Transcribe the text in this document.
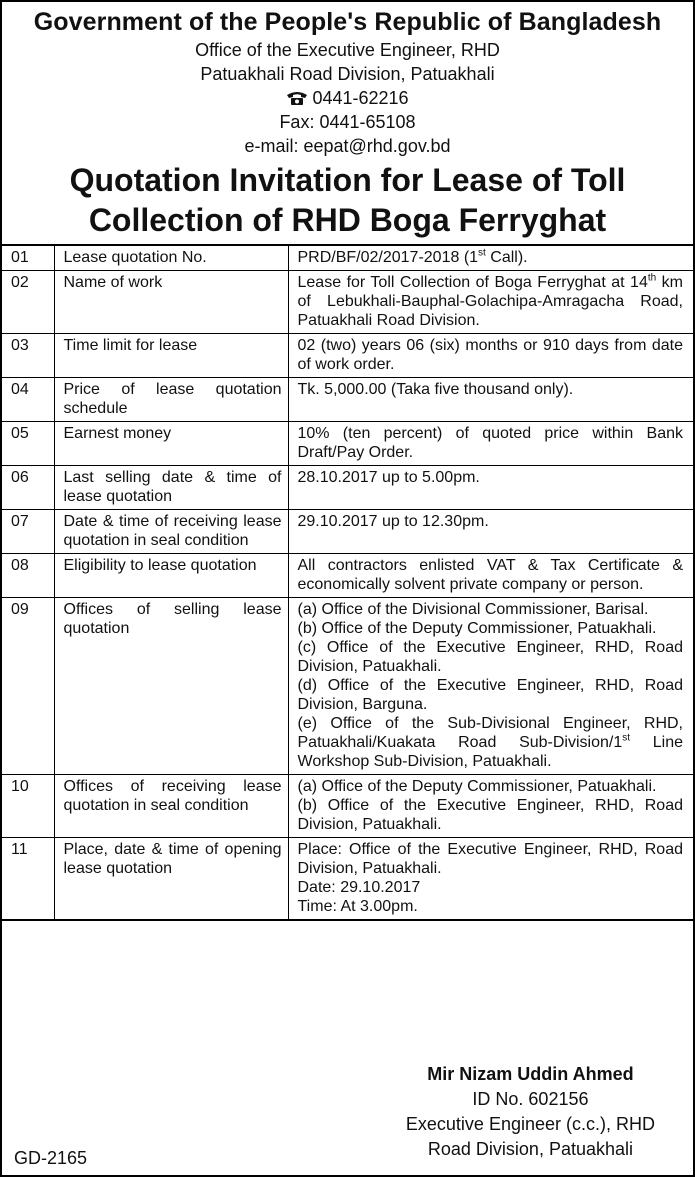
Government of the People's Republic of Bangladesh
Office of the Executive Engineer, RHD
Patuakhali Road Division, Patuakhali
0441-62216
Fax: 0441-65108
e-mail: eepat@rhd.gov.bd
Quotation Invitation for Lease of Toll
Collection of RHD Boga Ferryghat
01	Lease quotation No.	PRD/BF/02/2017-2018 (1st Call).
02	Name of work	Lease for Toll Collection of Boga Ferryghat at 14th km of Lebukhali-Bauphal-Golachipa-Amragacha Road, Patuakhali Road Division.
03	Time limit for lease	02 (two) years 06 (six) months or 910 days from date of work order.
04	Price of lease quotation schedule	Tk. 5,000.00 (Taka five thousand only).
05	Earnest money	10% (ten percent) of quoted price within Bank Draft/Pay Order.
06	Last selling date & time of lease quotation	28.10.2017 up to 5.00pm.
07	Date & time of receiving lease quotation in seal condition	29.10.2017 up to 12.30pm.
08	Eligibility to lease quotation	All contractors enlisted VAT & Tax Certificate & economically solvent private company or person.
09	Offices of selling lease quotation	(a) Office of the Divisional Commissioner, Barisal.
(b) Office of the Deputy Commissioner, Patuakhali.
(c) Office of the Executive Engineer, RHD, Road Division, Patuakhali.
(d) Office of the Executive Engineer, RHD, Road Division, Barguna.
(e) Office of the Sub-Divisional Engineer, RHD, Patuakhali/Kuakata Road Sub-Division/1st Line Workshop Sub-Division, Patuakhali.

10	Offices of receiving lease quotation in seal condition	(a) Office of the Deputy Commissioner, Patuakhali.
(b) Office of the Executive Engineer, RHD, Road Division, Patuakhali.

11	Place, date & time of opening lease quotation	Place: Office of the Executive Engineer, RHD, Road Division, Patuakhali.
Date: 29.10.2017
Time: At 3.00pm.
Mir Nizam Uddin Ahmed
ID No. 602156
Executive Engineer (c.c.), RHD
Road Division, Patuakhali
GD-2165
